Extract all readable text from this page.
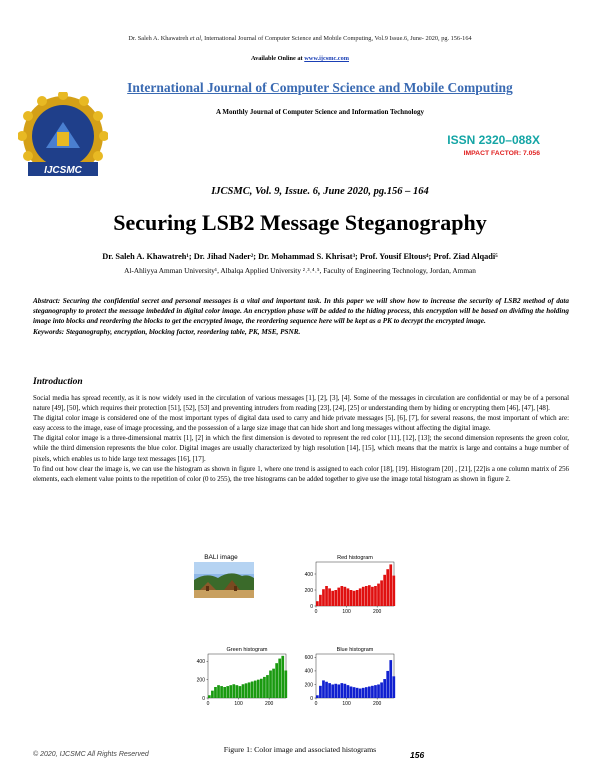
Dr. Saleh A. Khawatreh et al, International Journal of Computer Science and Mobile Computing, Vol.9 Issue.6, June- 2020, pg. 156-164
Available Online at www.ijcsmc.com
IJCSMC
International Journal of Computer Science and Mobile Computing
A Monthly Journal of Computer Science and Information Technology
ISSN 2320–088X
IMPACT FACTOR: 7.056
IJCSMC, Vol. 9, Issue. 6, June 2020, pg.156 – 164
Securing LSB2 Message Steganography
Dr. Saleh A. Khawatreh¹; Dr. Jihad Nader²; Dr. Mohammad S. Khrisat³; Prof. Yousif Eltous⁴; Prof. Ziad Alqadi⁵
Al-Ahliyya Amman University¹, Albalqa Applied University ²˒³˒⁴˒⁵, Faculty of Engineering Technology, Jordan, Amman

Abstract: Securing the confidential secret and personal messages is a vital and important task. In this paper we will show how to increase the security of LSB2 method of data steganography to protect the message imbedded in digital color image. An encryption phase will be added to the hiding process, this encryption will be based on dividing the holding image into blocks and reordering the blocks to get the encrypted image, the reordering sequence here will be kept as a PK to decrypt the encrypted image.

Keywords: Steganography, encryption, blocking factor, reordering table, PK, MSE, PSNR.

Introduction

Social media has spread recently, as it is now widely used in the circulation of various messages [1], [2], [3], [4]. Some of the messages in circulation are confidential or may be of a personal nature [49], [50], which requires their protection [51], [52], [53] and preventing intruders from reading [23], [24], [25] or understanding them by hiding or encrypting them [46], [47], [48].

The digital color image is considered one of the most important types of digital data used to carry and hide private messages [5], [6], [7], for several reasons, the most important of which are: easy access to the image, ease of image processing, and the possession of a large size image that can hide short and long messages without affecting the digital image.

The digital color image is a three-dimensional matrix [1], [2] in which the first dimension is devoted to represent the red color [11], [12], [13]; the second dimension represents the green color, while the third dimension represents the blue color. Digital images are usually characterized by high resolution [14], [15], which means that the matrix is large and contains a huge number of pixels, which enables us to hide large text messages [16], [17].

To find out how clear the image is, we can use the histogram as shown in figure 1, where one trend is assigned to each color [18], [19]. Histogram [20] , [21], [22]is a one column matrix of 256 elements, each element value points to the repetition of color (0 to 255), the tree histograms can be added together to give use the image total histogram as shown in figure 2.

BALI image	Red histogram
0	100	200
0
200
400
Green histogram
0	100	200
0
200
400
Blue histogram
0	100	200
0
200
400
600
Figure 1: Color image and associated histograms
© 2020, IJCSMC All Rights Reserved	156
